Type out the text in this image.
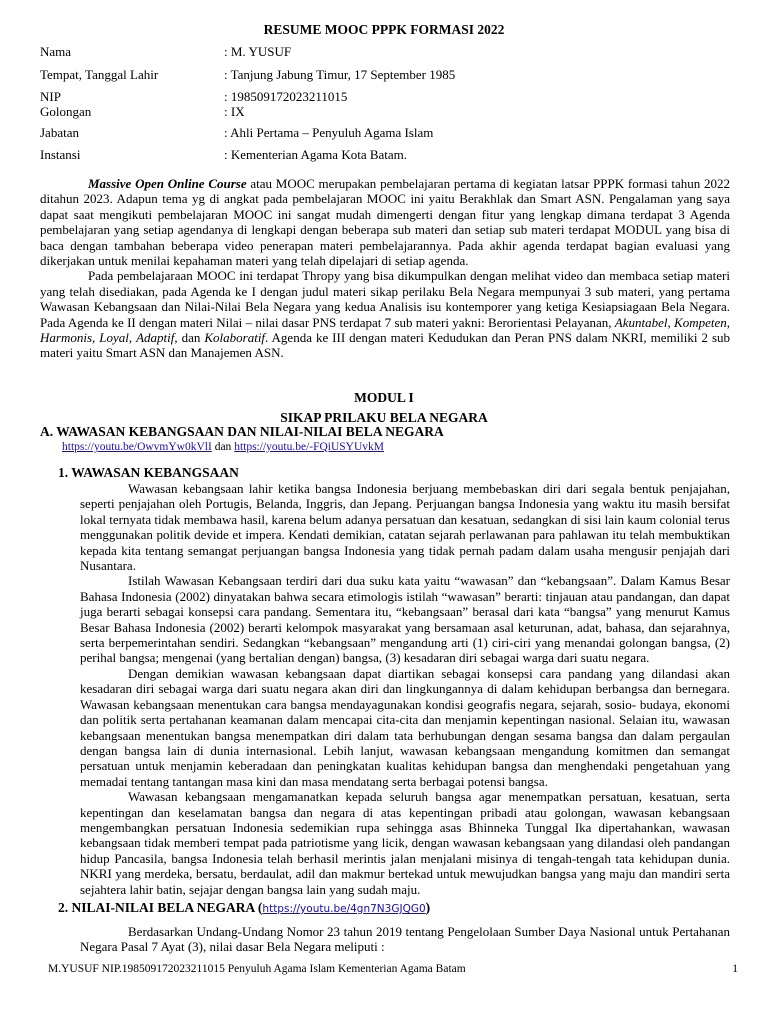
RESUME MOOC PPPK FORMASI 2022
Nama	: M. YUSUF
Tempat, Tanggal Lahir	: Tanjung Jabung Timur, 17 September 1985
NIP	: 198509172023211015
Golongan	: IX
Jabatan	: Ahli Pertama – Penyuluh Agama Islam
Instansi	: Kementerian Agama Kota Batam.

Massive Open Online Course atau MOOC merupakan pembelajaran pertama di kegiatan latsar PPPK formasi tahun 2022 ditahun 2023. Adapun tema yg di angkat pada pembelajaran MOOC ini yaitu Berakhlak dan Smart ASN. Pengalaman yang saya dapat saat mengikuti pembelajaran MOOC ini sangat mudah dimengerti dengan fitur yang lengkap dimana terdapat 3 Agenda pembelajaran yang setiap agendanya di lengkapi dengan beberapa sub materi dan setiap sub materi terdapat MODUL yang bisa di baca dengan tambahan beberapa video penerapan materi pembelajarannya. Pada akhir agenda terdapat bagian evaluasi yang dikerjakan untuk menilai kepahaman materi yang telah dipelajari di setiap agenda.

Pada pembelajaraan MOOC ini terdapat Thropy yang bisa dikumpulkan dengan melihat video dan membaca setiap materi yang telah disediakan, pada Agenda ke I dengan judul materi sikap perilaku Bela Negara mempunyai 3 sub materi, yang pertama Wawasan Kebangsaan dan Nilai-Nilai Bela Negara yang kedua Analisis isu kontemporer yang ketiga Kesiapsiagaan Bela Negara. Pada Agenda ke II dengan materi Nilai – nilai dasar PNS terdapat 7 sub materi yakni: Berorientasi Pelayanan, Akuntabel, Kompeten, Harmonis, Loyal, Adaptif, dan Kolaboratif. Agenda ke III dengan materi Kedudukan dan Peran PNS dalam NKRI, memiliki 2 sub materi yaitu Smart ASN dan Manajemen ASN.

MODUL I
SIKAP PRILAKU BELA NEGARA
A. WAWASAN KEBANGSAAN DAN NILAI-NILAI BELA NEGARA
https://youtu.be/OwvmYw0kVlI dan https://youtu.be/-FQiUSYUvkM
1. WAWASAN KEBANGSAAN

Wawasan kebangsaan lahir ketika bangsa Indonesia berjuang membebaskan diri dari segala bentuk penjajahan, seperti penjajahan oleh Portugis, Belanda, Inggris, dan Jepang. Perjuangan bangsa Indonesia yang waktu itu masih bersifat lokal ternyata tidak membawa hasil, karena belum adanya persatuan dan kesatuan, sedangkan di sisi lain kaum colonial terus menggunakan politik devide et impera. Kendati demikian, catatan sejarah perlawanan para pahlawan itu telah membuktikan kepada kita tentang semangat perjuangan bangsa Indonesia yang tidak pernah padam dalam usaha mengusir penjajah dari Nusantara.

Istilah Wawasan Kebangsaan terdiri dari dua suku kata yaitu “wawasan” dan “kebangsaan”. Dalam Kamus Besar Bahasa Indonesia (2002) dinyatakan bahwa secara etimologis istilah “wawasan” berarti: tinjauan atau pandangan, dan dapat juga berarti sebagai konsepsi cara pandang. Sementara itu, “kebangsaan” berasal dari kata “bangsa” yang menurut Kamus Besar Bahasa Indonesia (2002) berarti kelompok masyarakat yang bersamaan asal keturunan, adat, bahasa, dan sejarahnya, serta berpemerintahan sendiri. Sedangkan “kebangsaan” mengandung arti (1) ciri-ciri yang menandai golongan bangsa, (2) perihal bangsa; mengenai (yang bertalian dengan) bangsa, (3) kesadaran diri sebagai warga dari suatu negara.

Dengan demikian wawasan kebangsaan dapat diartikan sebagai konsepsi cara pandang yang dilandasi akan kesadaran diri sebagai warga dari suatu negara akan diri dan lingkungannya di dalam kehidupan berbangsa dan bernegara. Wawasan kebangsaan menentukan cara bangsa mendayagunakan kondisi geografis negara, sejarah, sosio- budaya, ekonomi dan politik serta pertahanan keamanan dalam mencapai cita-cita dan menjamin kepentingan nasional. Selaian itu, wawasan kebangsaan menentukan bangsa menempatkan diri dalam tata berhubungan dengan sesama bangsa dan dalam pergaulan dengan bangsa lain di dunia internasional. Lebih lanjut, wawasan kebangsaan mengandung komitmen dan semangat persatuan untuk menjamin keberadaan dan peningkatan kualitas kehidupan bangsa dan menghendaki pengetahuan yang memadai tentang tantangan masa kini dan masa mendatang serta berbagai potensi bangsa.

Wawasan kebangsaan mengamanatkan kepada seluruh bangsa agar menempatkan persatuan, kesatuan, serta kepentingan dan keselamatan bangsa dan negara di atas kepentingan pribadi atau golongan, wawasan kebangsaan mengembangkan persatuan Indonesia sedemikian rupa sehingga asas Bhinneka Tunggal Ika dipertahankan, wawasan kebangsaan tidak memberi tempat pada patriotisme yang licik, dengan wawasan kebangsaan yang dilandasi oleh pandangan hidup Pancasila, bangsa Indonesia telah berhasil merintis jalan menjalani misinya di tengah-tengah tata kehidupan dunia. NKRI yang merdeka, bersatu, berdaulat, adil dan makmur bertekad untuk mewujudkan bangsa yang maju dan mandiri serta sejahtera lahir batin, sejajar dengan bangsa lain yang sudah maju.

2. NILAI-NILAI BELA NEGARA (https://youtu.be/4gn7N3GJQG0)

Berdasarkan Undang-Undang Nomor 23 tahun 2019 tentang Pengelolaan Sumber Daya Nasional untuk Pertahanan Negara Pasal 7 Ayat (3), nilai dasar Bela Negara meliputi :

M.YUSUF NIP.198509172023211015 Penyuluh Agama Islam Kementerian Agama Batam	1
